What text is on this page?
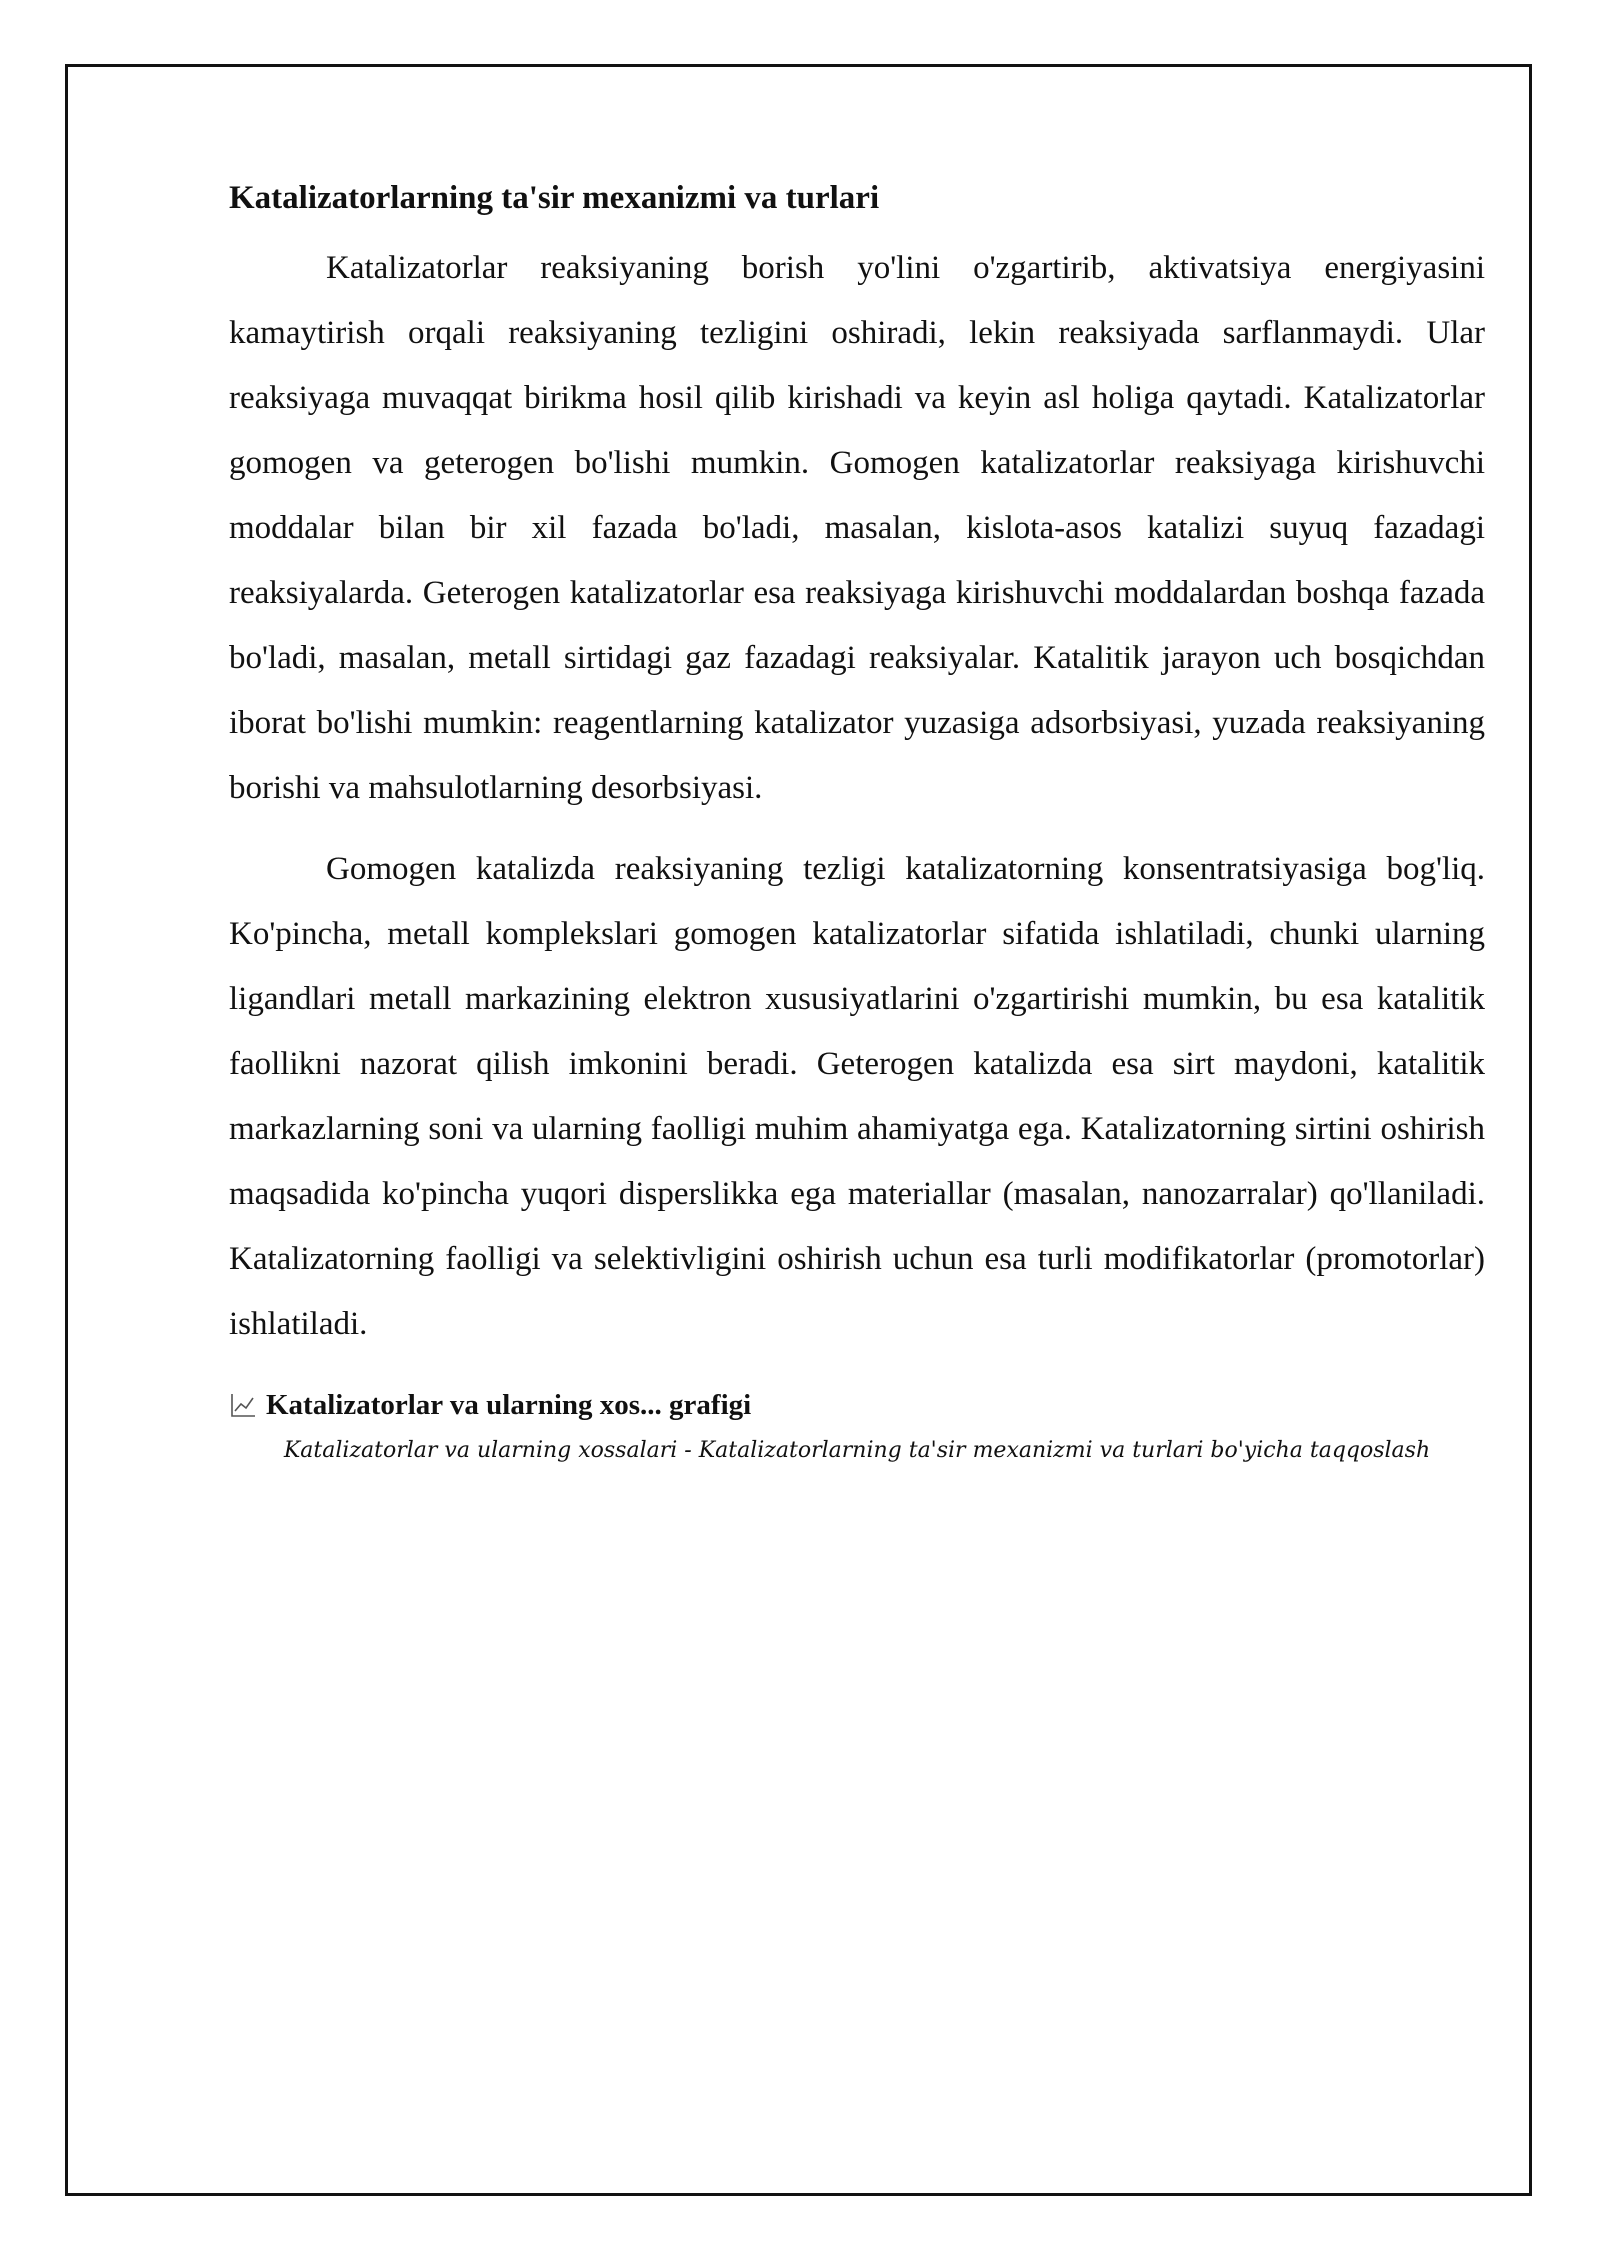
Katalizatorlarning ta'sir mexanizmi va turlari

Katalizatorlar reaksiyaning borish yo'lini o'zgartirib, aktivatsiya energiyasini kamaytirish orqali reaksiyaning tezligini oshiradi, lekin reaksiyada sarflanmaydi. Ular reaksiyaga muvaqqat birikma hosil qilib kirishadi va keyin asl holiga qaytadi. Katalizatorlar gomogen va geterogen bo'lishi mumkin. Gomogen katalizatorlar reaksiyaga kirishuvchi moddalar bilan bir xil fazada bo'ladi, masalan, kislota-asos katalizi suyuq fazadagi reaksiyalarda. Geterogen katalizatorlar esa reaksiyaga kirishuvchi moddalardan boshqa fazada bo'ladi, masalan, metall sirtidagi gaz fazadagi reaksiyalar. Katalitik jarayon uch bosqichdan iborat bo'lishi mumkin: reagentlarning katalizator yuzasiga adsorbsiyasi, yuzada reaksiyaning borishi va mahsulotlarning desorbsiyasi.

Gomogen katalizda reaksiyaning tezligi katalizatorning konsentratsiyasiga bog'liq. Ko'pincha, metall komplekslari gomogen katalizatorlar sifatida ishlatiladi, chunki ularning ligandlari metall markazining elektron xususiyatlarini o'zgartirishi mumkin, bu esa katalitik faollikni nazorat qilish imkonini beradi. Geterogen katalizda esa sirt maydoni, katalitik markazlarning soni va ularning faolligi muhim ahamiyatga ega. Katalizatorning sirtini oshirish maqsadida ko'pincha yuqori disperslikka ega materiallar (masalan, nanozarralar) qo'llaniladi. Katalizatorning faolligi va selektivligini oshirish uchun esa turli modifikatorlar (promotorlar) ishlatiladi.

Katalizatorlar va ularning xos... grafigi
Katalizatorlar va ularning xossalari - Katalizatorlarning ta'sir mexanizmi va turlari bo'yicha taqqoslash
